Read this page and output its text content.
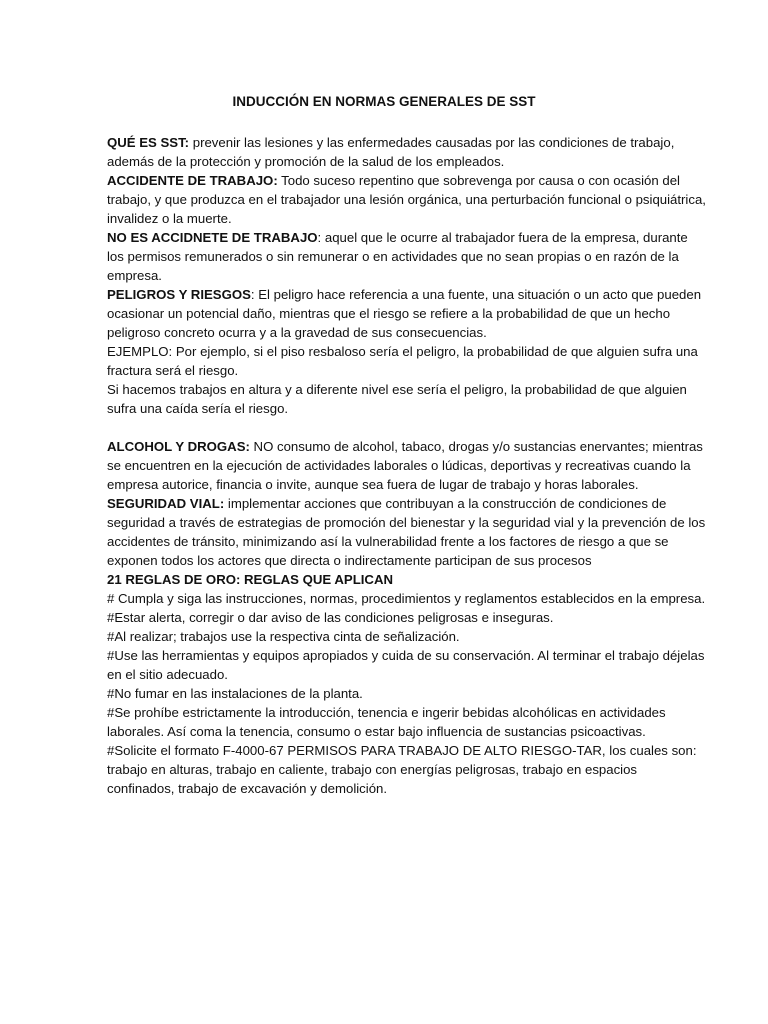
INDUCCIÓN EN NORMAS GENERALES DE SST

QUÉ ES SST: prevenir las lesiones y las enfermedades causadas por las condiciones de trabajo, además de la protección y promoción de la salud de los empleados.

ACCIDENTE DE TRABAJO: Todo suceso repentino que sobrevenga por causa o con ocasión del trabajo, y que produzca en el trabajador una lesión orgánica, una perturbación funcional o psiquiátrica, invalidez o la muerte.

NO ES ACCIDNETE DE TRABAJO: aquel que le ocurre al trabajador fuera de la empresa, durante los permisos remunerados o sin remunerar o en actividades que no sean propias o en razón de la empresa.

PELIGROS Y RIESGOS: El peligro hace referencia a una fuente, una situación o un acto que pueden ocasionar un potencial daño, mientras que el riesgo se refiere a la probabilidad de que un hecho peligroso concreto ocurra y a la gravedad de sus consecuencias.

EJEMPLO: Por ejemplo, si el piso resbaloso sería el peligro, la probabilidad de que alguien sufra una fractura será el riesgo.

Si hacemos trabajos en altura y a diferente nivel ese sería el peligro, la probabilidad de que alguien sufra una caída sería el riesgo.

ALCOHOL Y DROGAS: NO consumo de alcohol, tabaco, drogas y/o sustancias enervantes; mientras se encuentren en la ejecución de actividades laborales o lúdicas, deportivas y recreativas cuando la empresa autorice, financia o invite, aunque sea fuera de lugar de trabajo y horas laborales.

SEGURIDAD VIAL: implementar acciones que contribuyan a la construcción de condiciones de seguridad a través de estrategias de promoción del bienestar y la seguridad vial y la prevención de los accidentes de tránsito, minimizando así la vulnerabilidad frente a los factores de riesgo a que se exponen todos los actores que directa o indirectamente participan de sus procesos

21 REGLAS DE ORO: REGLAS QUE APLICAN

# Cumpla y siga las instrucciones, normas, procedimientos y reglamentos establecidos en la empresa.

#Estar alerta, corregir o dar aviso de las condiciones peligrosas e inseguras.

#Al realizar; trabajos use la respectiva cinta de señalización.

#Use las herramientas y equipos apropiados y cuida de su conservación. Al terminar el trabajo déjelas en el sitio adecuado.

#No fumar en las instalaciones de la planta.

#Se prohíbe estrictamente la introducción, tenencia e ingerir bebidas alcohólicas en actividades laborales. Así coma la tenencia, consumo o estar bajo influencia de sustancias psicoactivas.

#Solicite el formato F-4000-67 PERMISOS PARA TRABAJO DE ALTO RIESGO-TAR, los cuales son: trabajo en alturas, trabajo en caliente, trabajo con energías peligrosas, trabajo en espacios confinados, trabajo de excavación y demolición.
